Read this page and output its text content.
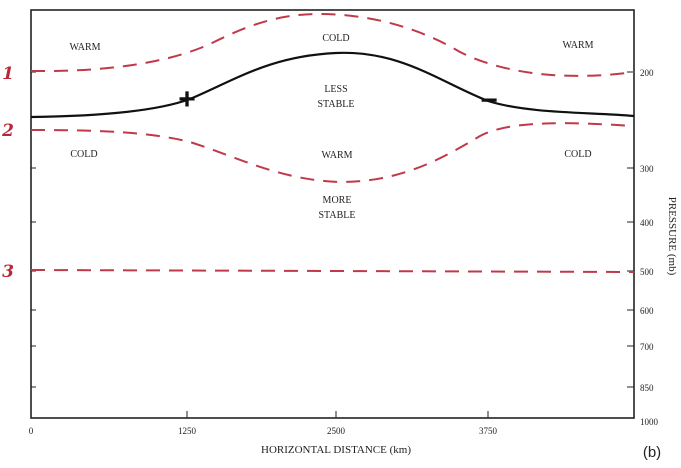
+	−
WARM
COLD
WARM
LESS
STABLE
COLD	WARM	COLD
MORE
STABLE
1
2
3
0	1250	2500	3750
HORIZONTAL DISTANCE (km)
200
300
400
500
600
700
850
1000
PRESSURE (mb)
(b)
